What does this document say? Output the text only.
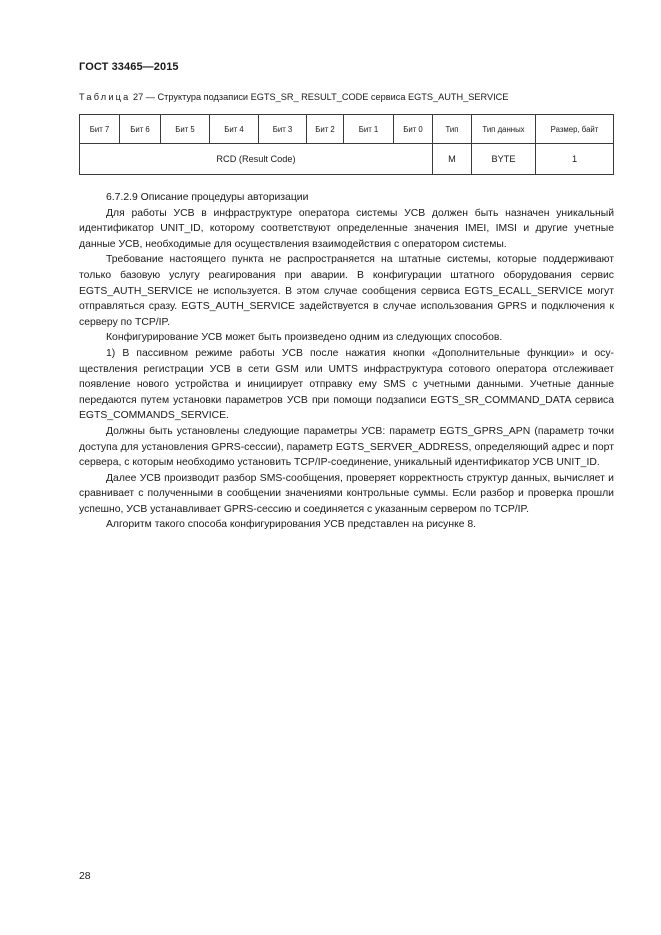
ГОСТ 33465—2015
Таблица 27 — Структура подзаписи EGTS_SR_ RESULT_CODE сервиса EGTS_AUTH_SERVICE
Бит 7	Бит 6	Бит 5	Бит 4	Бит 3	Бит 2	Бит 1	Бит 0	Тип	Тип данных	Размер, байт
RCD (Result Code)								M	BYTE	1

6.7.2.9 Описание процедуры авторизации

Для работы УСВ в инфраструктуре оператора системы УСВ должен быть назначен уникальный идентификатор UNIT_ID, которому соответствуют определенные значения IMEI, IMSI и другие учетные данные УСВ, необходимые для осуществления взаимодействия с оператором системы.

Требование настоящего пункта не распространяется на штатные системы, которые поддерживают только базовую услугу реагирования при аварии. В конфигурации штатного оборудования сервис EGTS_AUTH_SERVICE не используется. В этом случае сообщения сервиса EGTS_ECALL_SERVICE могут отправляться сразу. EGTS_AUTH_SERVICE задействуется в случае использования GPRS и подключения к серверу по TCP/IP.

Конфигурирование УСВ может быть произведено одним из следующих способов.

1) В пассивном режиме работы УСВ после нажатия кнопки «Дополнительные функции» и осуществления регистрации УСВ в сети GSM или UMTS инфраструктура сотового оператора отслеживает появление нового устройства и инициирует отправку ему SMS с учетными данными. Учетные данные передаются путем установки параметров УСВ при помощи подзаписи EGTS_SR_COMMAND_DATA сервиса EGTS_COMMANDS_SERVICE.

Должны быть установлены следующие параметры УСВ: параметр EGTS_GPRS_APN (параметр точки доступа для установления GPRS-сессии), параметр EGTS_SERVER_ADDRESS, определяющий адрес и порт сервера, с которым необходимо установить TCP/IP-соединение, уникальный идентификатор УСВ UNIT_ID.

Далее УСВ производит разбор SMS-сообщения, проверяет корректность структур данных, вычисляет и сравнивает с полученными в сообщении значениями контрольные суммы. Если разбор и проверка прошли успешно, УСВ устанавливает GPRS-сессию и соединяется с указанным сервером по TCP/IP.

Алгоритм такого способа конфигурирования УСВ представлен на рисунке 8.

28
